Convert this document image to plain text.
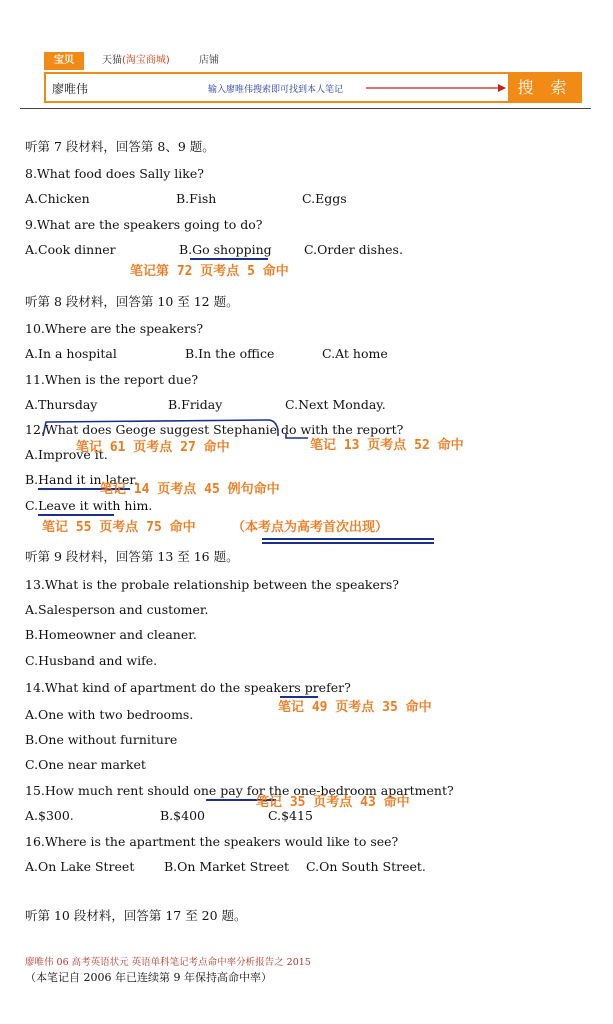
宝贝	天猫(淘宝商城)	店铺
廖唯伟	输入廖唯伟搜索即可找到本人笔记	搜 索
听第 7 段材料，回答第 8、9 题。
8.What food does Sally like?
A.Chicken	B.Fish	C.Eggs
9.What are the speakers going to do?
A.Cook dinner	B.Go shopping	C.Order dishes.
笔记第 72 页考点 5 命中
听第 8 段材料，回答第 10 至 12 题。
10.Where are the speakers?
A.In a hospital	B.In the office	C.At home
11.When is the report due?
A.Thursday	B.Friday	C.Next Monday.
12.What does Geoge suggest Stephanie do with the report?
A.Improve it.
笔记 61 页考点 27 命中	笔记 13 页考点 52 命中
B.Hand it in later.
笔记 14 页考点 45 例句命中
C.Leave it with him.
笔记 55 页考点 75 命中	（本考点为高考首次出现）
听第 9 段材料，回答第 13 至 16 题。
13.What is the probale relationship between the speakers?
A.Salesperson and customer.
B.Homeowner and cleaner.
C.Husband and wife.
14.What kind of apartment do the speakers prefer?
笔记 49 页考点 35 命中
A.One with two bedrooms.
B.One without furniture
C.One near market
15.How much rent should one pay for the one-bedroom apartment?
笔记 35 页考点 43 命中
A.$300.	B.$400	C.$415
16.Where is the apartment the speakers would like to see?
A.On Lake Street B.On Market Street C.On South Street.
听第 10 段材料，回答第 17 至 20 题。
廖唯伟 06 高考英语状元 英语单科笔记考点命中率分析报告之 2015
（本笔记自 2006 年已连续第 9 年保持高命中率）
